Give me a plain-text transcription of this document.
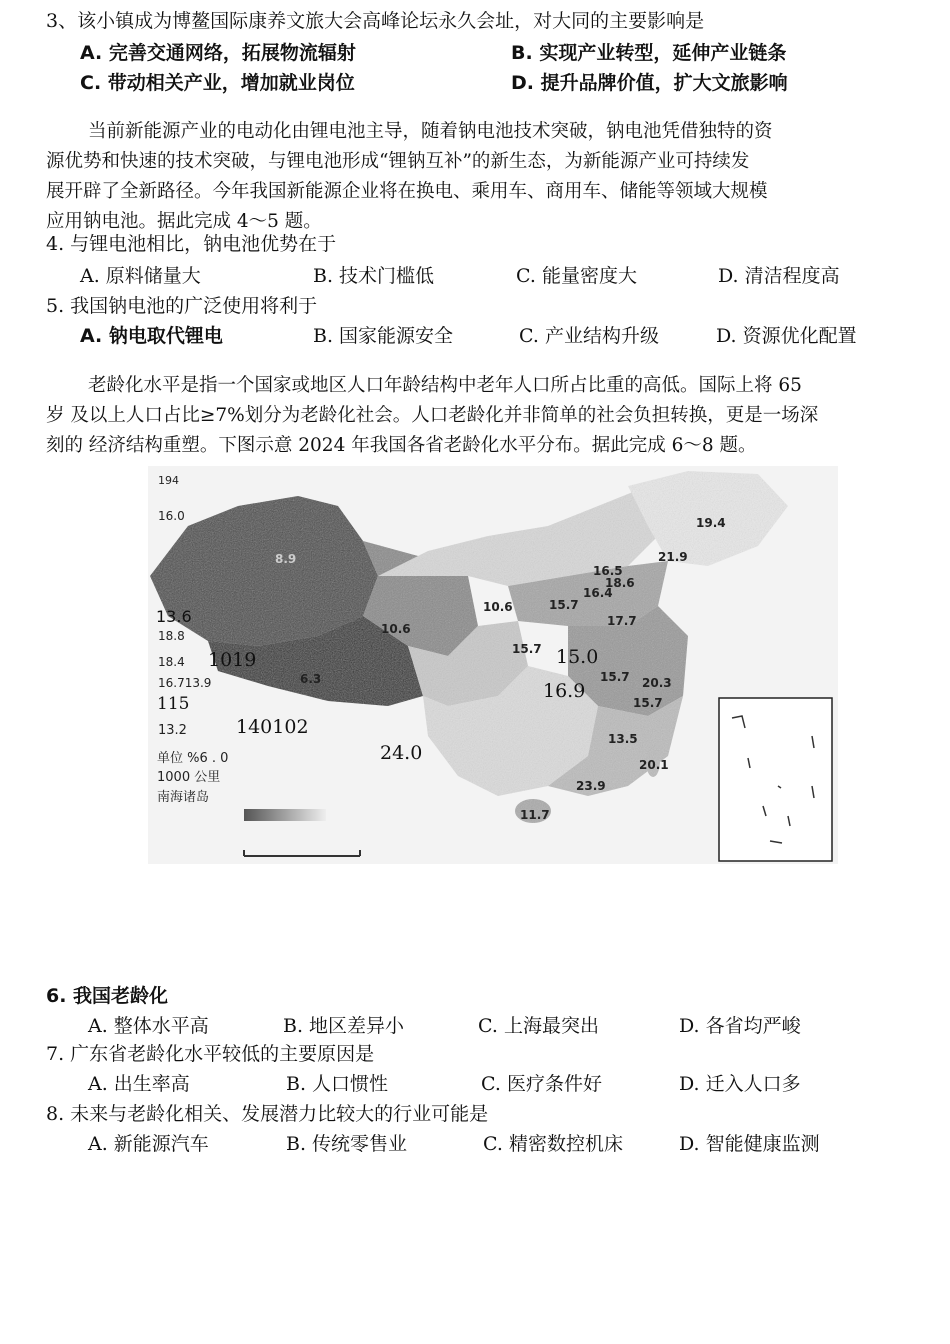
3、该小镇成为博鳌国际康养文旅大会高峰论坛永久会址，对大同的主要影响是
A. 完善交通网络，拓展物流辐射	B. 实现产业转型，延伸产业链条
C. 带动相关产业，增加就业岗位	D. 提升品牌价值，扩大文旅影响
当前新能源产业的电动化由锂电池主导，随着钠电池技术突破，钠电池凭借独特的资
源优势和快速的技术突破，与锂电池形成“锂钠互补”的新生态，为新能源产业可持续发
展开辟了全新路径。今年我国新能源企业将在换电、乘用车、商用车、储能等领域大规模
应用钠电池。据此完成 4～5 题。
4. 与锂电池相比，钠电池优势在于
A. 原料储量大	B. 技术门槛低	C. 能量密度大	D. 清洁程度高
5. 我国钠电池的广泛使用将利于
A. 钠电取代锂电	B. 国家能源安全	C. 产业结构升级	D. 资源优化配置
老龄化水平是指一个国家或地区人口年龄结构中老年人口所占比重的高低。国际上将 65
岁 及以上人口占比≥7%划分为老龄化社会。人口老龄化并非简单的社会负担转换，更是一场深
刻的 经济结构重塑。下图示意 2024 年我国各省老龄化水平分布。据此完成 6～8 题。
194
16.0
13.6
18.8
18.4
16.713.9
115
13.2
单位 %6 . 0
1000 公里
南海诸岛
140102
1019
24.0
15.0
16.9
19.4
21.9
8.9
16.5
18.6
16.4
10.6	15.7
17.7
10.6
15.7
6.3	15.7 20.3
15.7
13.5
20.1
23.9
11.7
6. 我国老龄化
A. 整体水平高	B. 地区差异小	C. 上海最突出	D. 各省均严峻
7. 广东省老龄化水平较低的主要原因是
A. 出生率高	B. 人口惯性	C. 医疗条件好	D. 迁入人口多
8. 未来与老龄化相关、发展潜力比较大的行业可能是
A. 新能源汽车	B. 传统零售业	C. 精密数控机床	D. 智能健康监测
